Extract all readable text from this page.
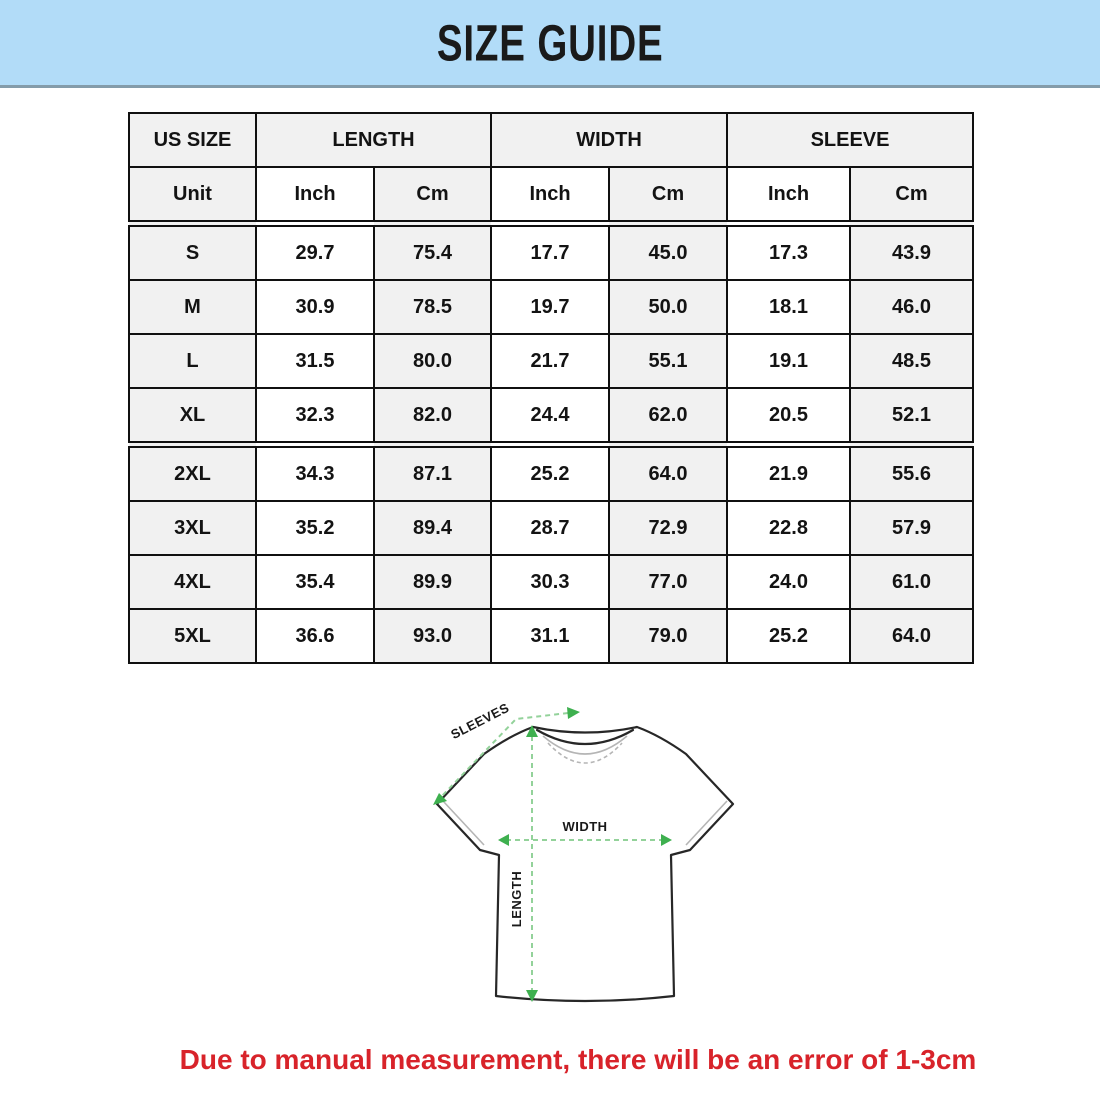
SIZE GUIDE
US SIZE	LENGTH		WIDTH		SLEEVE	
Unit	Inch	Cm	Inch	Cm	Inch	Cm
S	29.7	75.4	17.7	45.0	17.3	43.9
M	30.9	78.5	19.7	50.0	18.1	46.0
L	31.5	80.0	21.7	55.1	19.1	48.5
XL	32.3	82.0	24.4	62.0	20.5	52.1
2XL	34.3	87.1	25.2	64.0	21.9	55.6
3XL	35.2	89.4	28.7	72.9	22.8	57.9
4XL	35.4	89.9	30.3	77.0	24.0	61.0
5XL	36.6	93.0	31.1	79.0	25.2	64.0
LENGTH
WIDTH
SLEEVES
Due to manual measurement, there will be an error of 1-3cm
